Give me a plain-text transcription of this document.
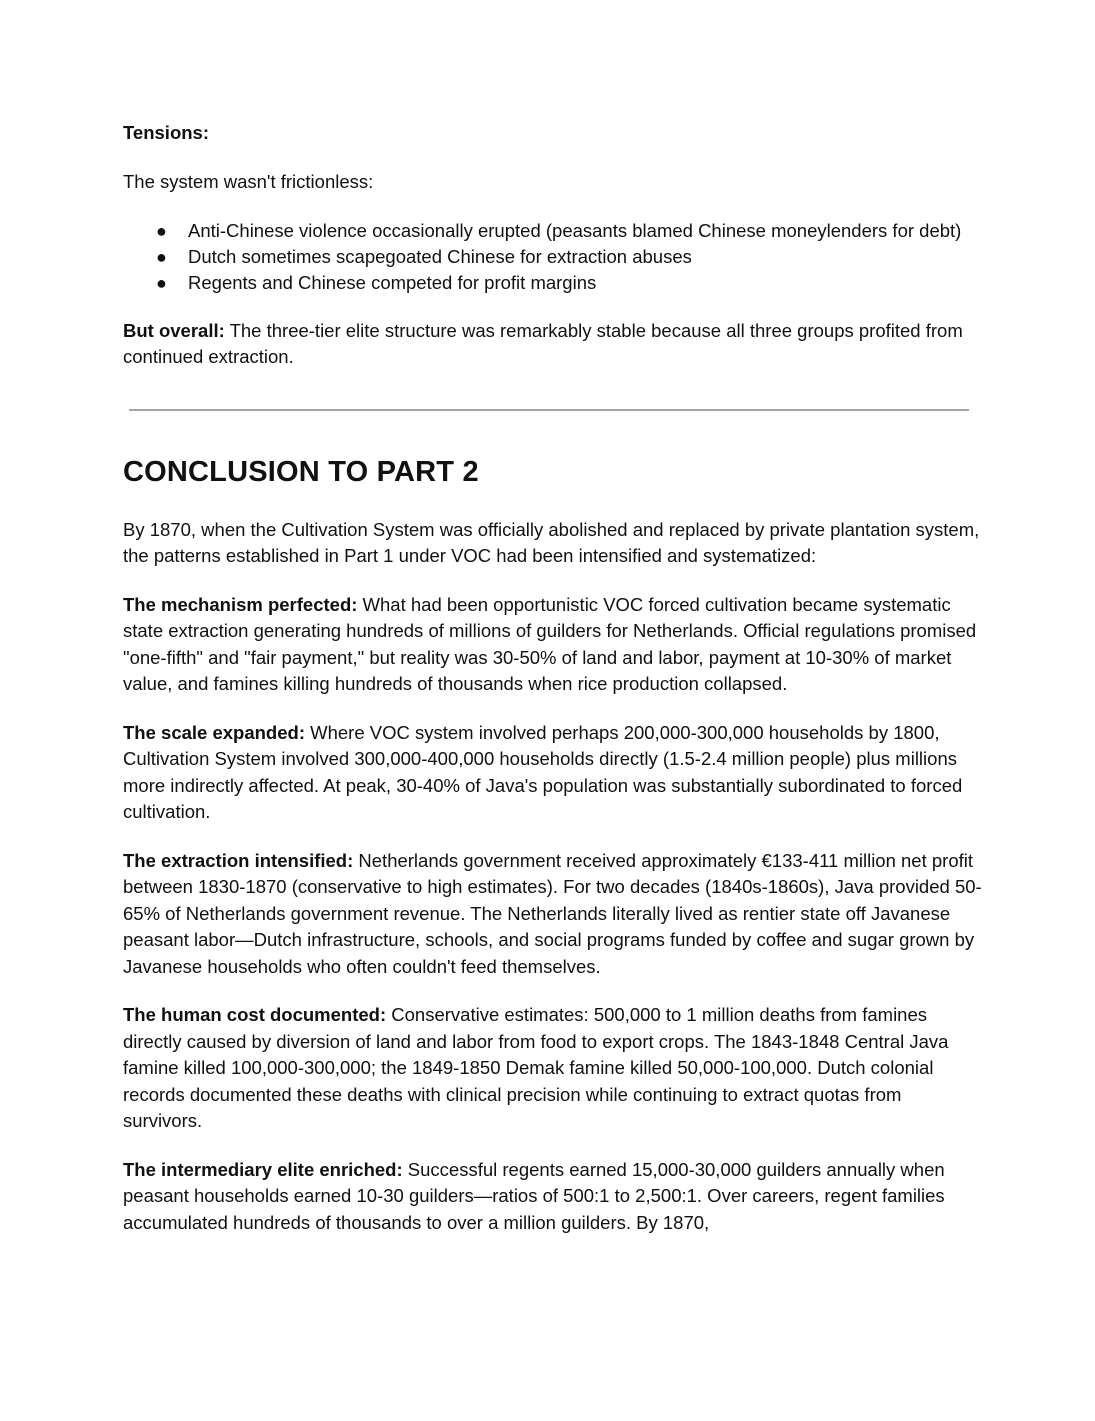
Tensions:

The system wasn't frictionless:

● Anti-Chinese violence occasionally erupted (peasants blamed Chinese moneylenders for debt)
● Dutch sometimes scapegoated Chinese for extraction abuses
● Regents and Chinese competed for profit margins

But overall: The three-tier elite structure was remarkably stable because all three groups profited from continued extraction.

CONCLUSION TO PART 2

By 1870, when the Cultivation System was officially abolished and replaced by private plantation system, the patterns established in Part 1 under VOC had been intensified and systematized:

The mechanism perfected: What had been opportunistic VOC forced cultivation became systematic state extraction generating hundreds of millions of guilders for Netherlands. Official regulations promised "one-fifth" and "fair payment," but reality was 30-50% of land and labor, payment at 10-30% of market value, and famines killing hundreds of thousands when rice production collapsed.

The scale expanded: Where VOC system involved perhaps 200,000-300,000 households by 1800, Cultivation System involved 300,000-400,000 households directly (1.5-2.4 million people) plus millions more indirectly affected. At peak, 30-40% of Java's population was substantially subordinated to forced cultivation.

The extraction intensified: Netherlands government received approximately €133-411 million net profit between 1830-1870 (conservative to high estimates). For two decades (1840s-1860s), Java provided 50-65% of Netherlands government revenue. The Netherlands literally lived as rentier state off Javanese peasant labor—Dutch infrastructure, schools, and social programs funded by coffee and sugar grown by Javanese households who often couldn't feed themselves.

The human cost documented: Conservative estimates: 500,000 to 1 million deaths from famines directly caused by diversion of land and labor from food to export crops. The 1843-1848 Central Java famine killed 100,000-300,000; the 1849-1850 Demak famine killed 50,000-100,000. Dutch colonial records documented these deaths with clinical precision while continuing to extract quotas from survivors.

The intermediary elite enriched: Successful regents earned 15,000-30,000 guilders annually when peasant households earned 10-30 guilders—ratios of 500:1 to 2,500:1. Over careers, regent families accumulated hundreds of thousands to over a million guilders. By 1870,
